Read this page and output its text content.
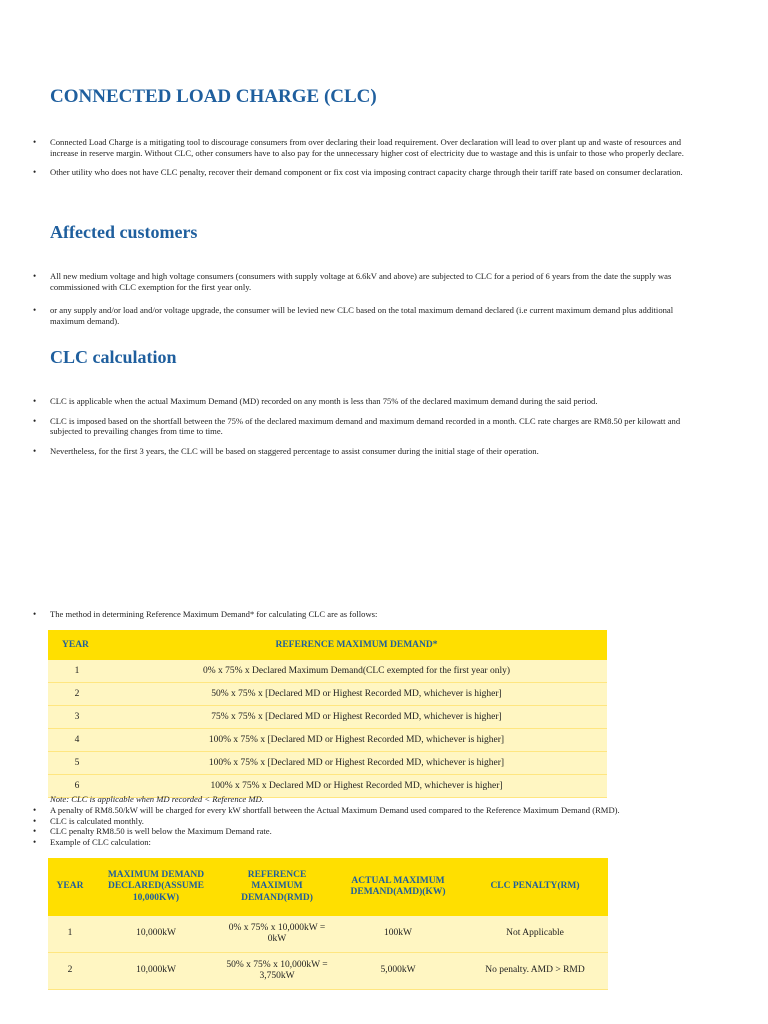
CONNECTED LOAD CHARGE (CLC)
• Connected Load Charge is a mitigating tool to discourage consumers from over declaring their load requirement. Over declaration will lead to over plant up and waste of resources and increase in reserve margin. Without CLC, other consumers have to also pay for the unnecessary higher cost of electricity due to wastage and this is unfair to those who properly declare.
• Other utility who does not have CLC penalty, recover their demand component or fix cost via imposing contract capacity charge through their tariff rate based on consumer declaration.
Affected customers
• All new medium voltage and high voltage consumers (consumers with supply voltage at 6.6kV and above) are subjected to CLC for a period of 6 years from the date the supply was commissioned with CLC exemption for the first year only.
• or any supply and/or load and/or voltage upgrade, the consumer will be levied new CLC based on the total maximum demand declared (i.e current maximum demand plus additional maximum demand).
CLC calculation
• CLC is applicable when the actual Maximum Demand (MD) recorded on any month is less than 75% of the declared maximum demand during the said period.
• CLC is imposed based on the shortfall between the 75% of the declared maximum demand and maximum demand recorded in a month. CLC rate charges are RM8.50 per kilowatt and subjected to prevailing changes from time to time.
• Nevertheless, for the first 3 years, the CLC will be based on staggered percentage to assist consumer during the initial stage of their operation.
• The method in determining Reference Maximum Demand* for calculating CLC are as follows:
YEAR	REFERENCE MAXIMUM DEMAND*
1	0% x 75% x Declared Maximum Demand(CLC exempted for the first year only)
2	50% x 75% x [Declared MD or Highest Recorded MD, whichever is higher]
3	75% x 75% x [Declared MD or Highest Recorded MD, whichever is higher]
4	100% x 75% x [Declared MD or Highest Recorded MD, whichever is higher]
5	100% x 75% x [Declared MD or Highest Recorded MD, whichever is higher]
6	100% x 75% x Declared MD or Highest Recorded MD, whichever is higher]
Note: CLC is applicable when MD recorded < Reference MD.
• A penalty of RM8.50/kW will be charged for every kW shortfall between the Actual Maximum Demand used compared to the Reference Maximum Demand (RMD).
• CLC is calculated monthly.
• CLC penalty RM8.50 is well below the Maximum Demand rate.
• Example of CLC calculation:
YEAR	MAXIMUM DEMAND DECLARED(ASSUME 10,000KW)	REFERENCE MAXIMUM DEMAND(RMD)	ACTUAL MAXIMUM DEMAND(AMD)(KW)	CLC PENALTY(RM)
1	10,000kW	0% x 75% x 10,000kW = 0kW	100kW	Not Applicable
2	10,000kW	50% x 75% x 10,000kW = 3,750kW	5,000kW	No penalty. AMD > RMD
